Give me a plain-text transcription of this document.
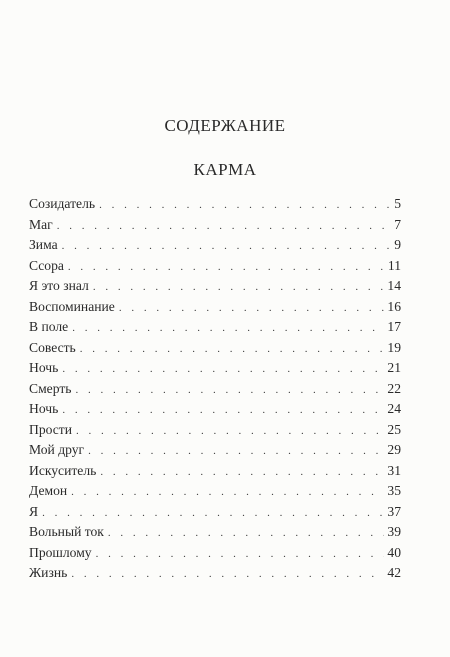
СОДЕРЖАНИЕ
КАРМА
Созидатель . . .	5
Маг . . .	7
Зима . . .	9
Ссора . . .	11
Я это знал . . .	14
Воспоминание . . .	16
В поле . . .	17
Совесть . . .	19
Ночь . . .	21
Смерть . . .	22
Ночь . . .	24
Прости . . .	25
Мой друг . . .	29
Искуситель . . .	31
Демон . . .	35
Я . . .	37
Вольный ток . . .	39
Прошлому . . .	40
Жизнь . . .	42
